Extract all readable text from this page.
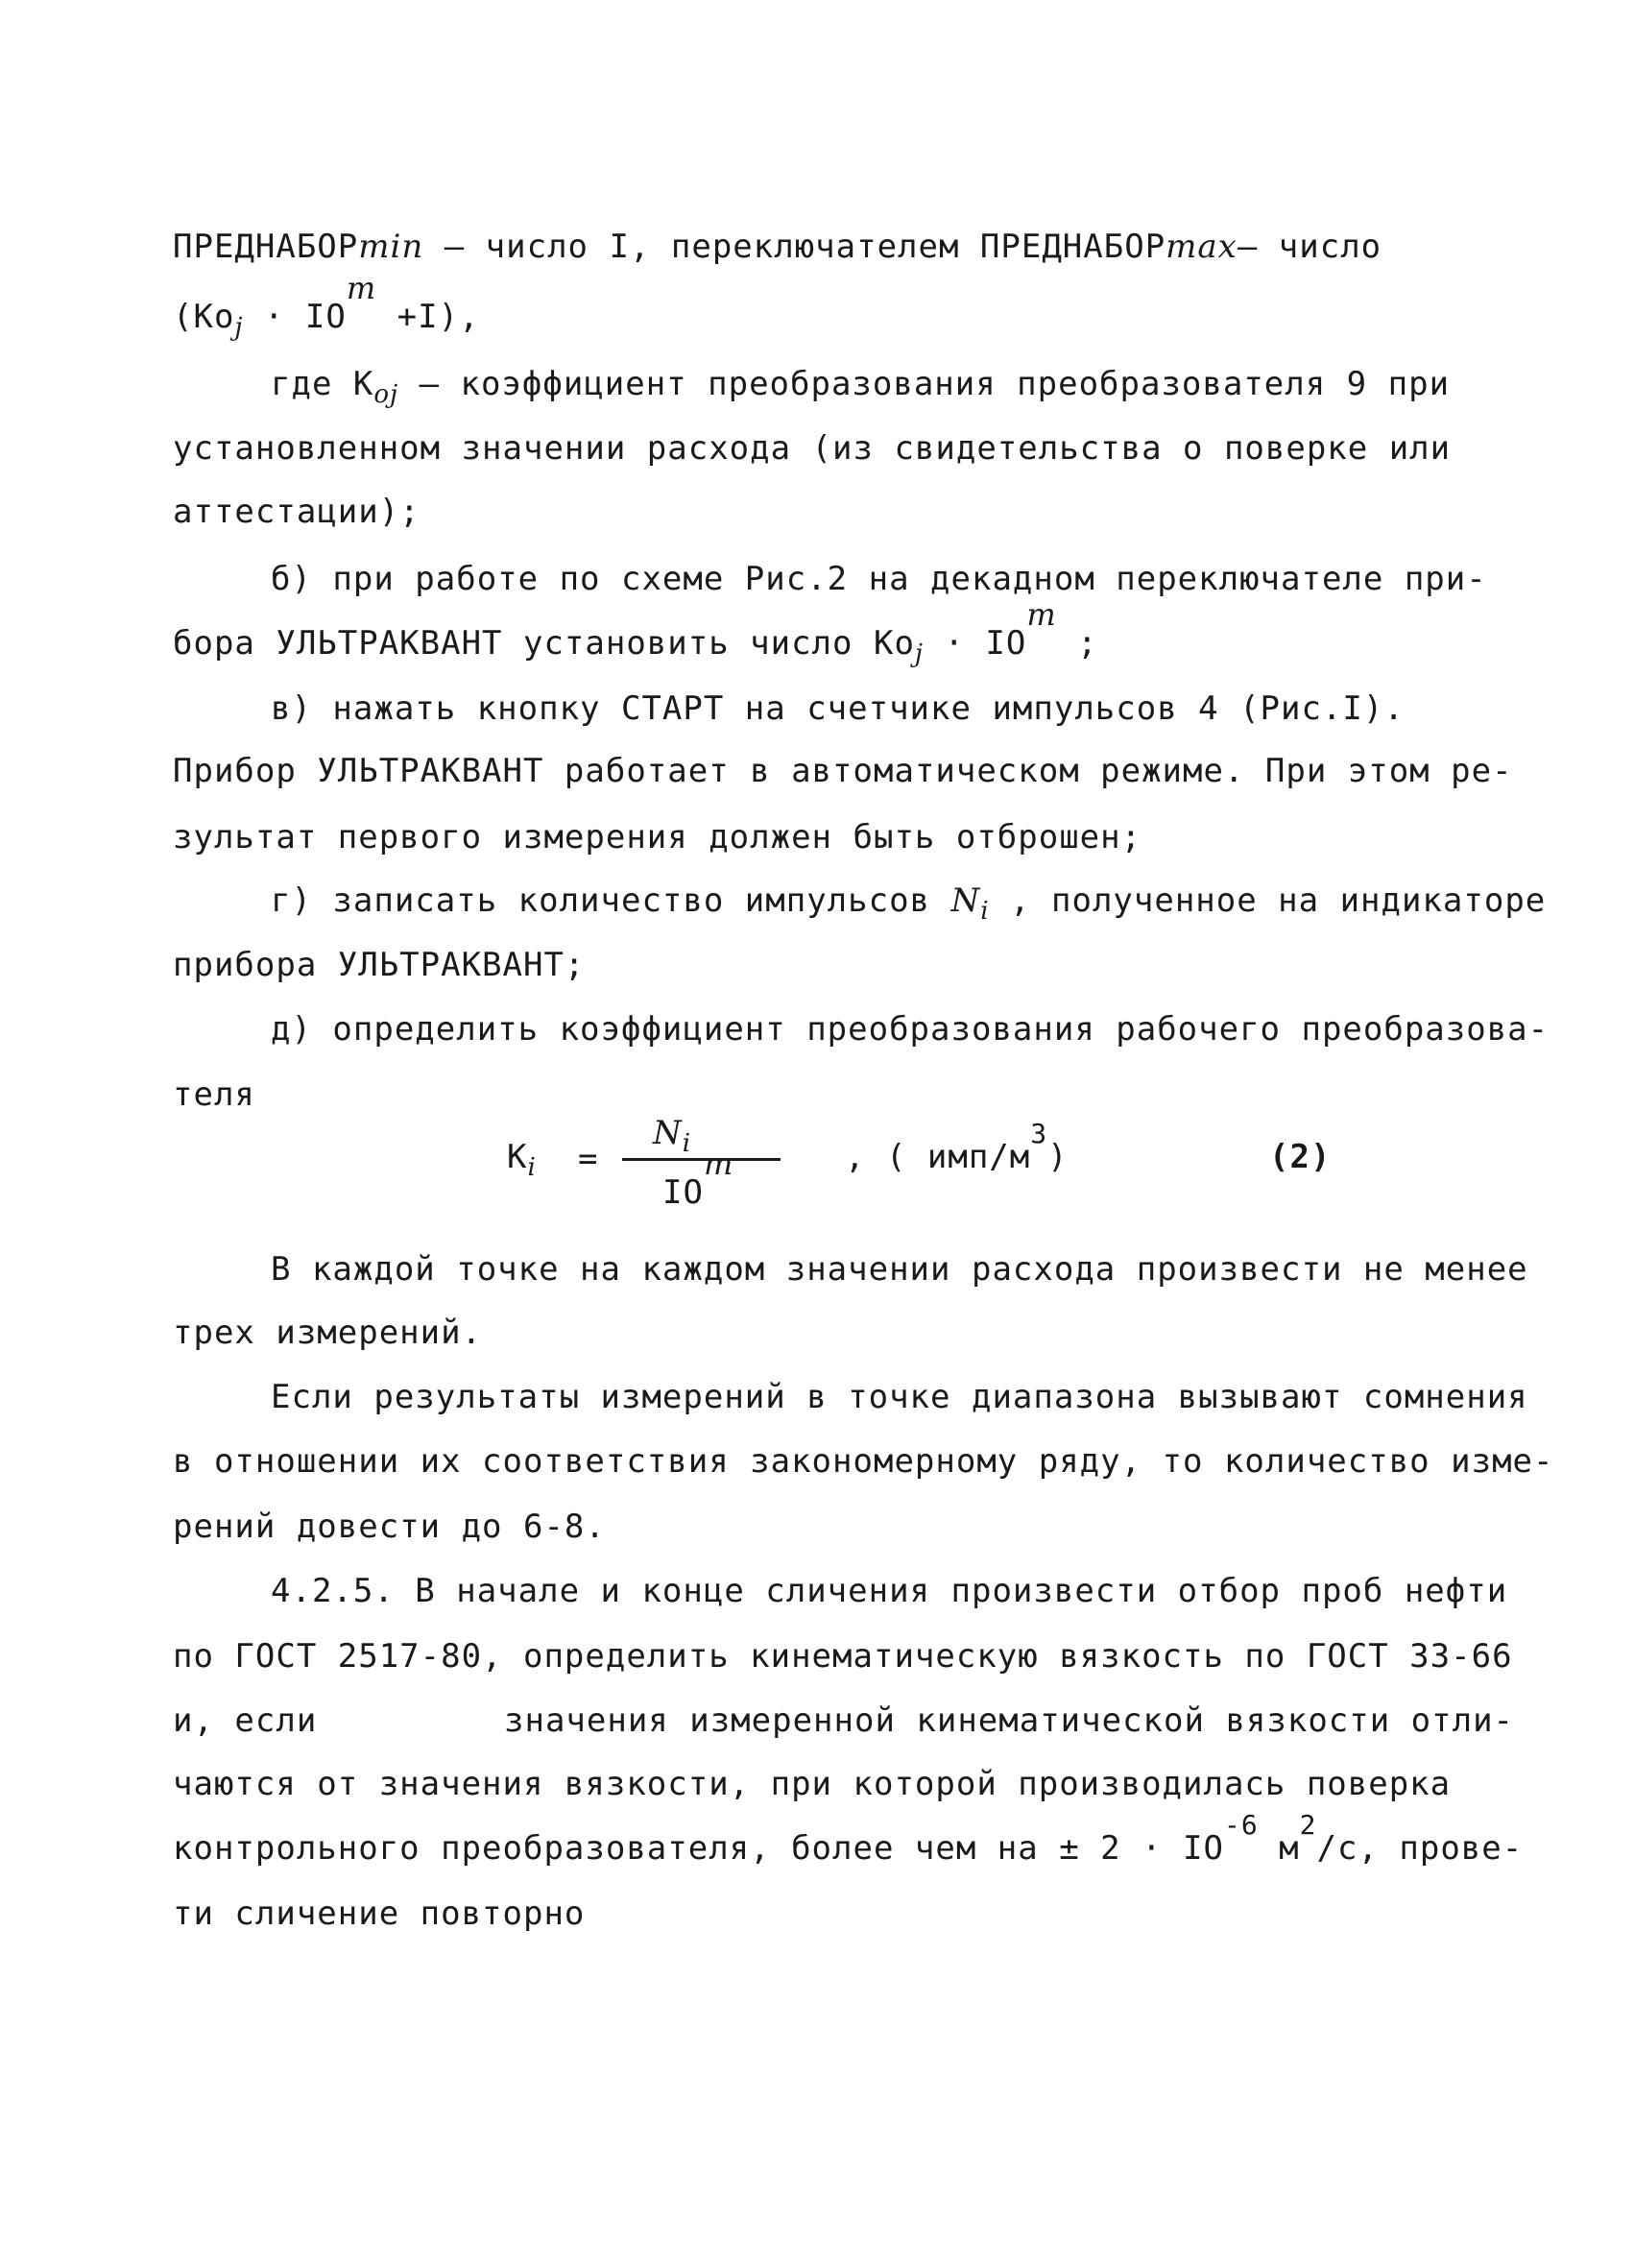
ПРЕДНАБОРmin – число I, переключателем ПРЕДНАБОРmax– число
($Ko_j$ · IOm +I),
где $K_{oj}$ – коэффициент преобразования преобразователя 9 при
установленном значении расхода (из свидетельства о поверке или
аттестации);
б) при работе по схеме Рис.2 на декадном переключателе при-
бора УЛЬТРАКВАНТ установить число $Ko_j$ · IOm ;
в) нажать кнопку СТАРТ на счетчике импульсов 4 (Рис.I).
Прибор УЛЬТРАКВАНТ работает в автоматическом режиме. При этом ре-
зультат первого измерения должен быть отброшен;
г) записать количество импульсов $N_i$ , полученное на индикаторе
прибора УЛЬТРАКВАНТ;
д) определить коэффициент преобразования рабочего преобразова-
теля
$K_i$ =
$N_i$
IOm	, ( имп/$м^3$)	(2)
В каждой точке на каждом значении расхода произвести не менее
трех измерений.
Если результаты измерений в точке диапазона вызывают сомнения
в отношении их соответствия закономерному ряду, то количество изме-
рений довести до 6-8.
4.2.5. В начале и конце сличения произвести отбор проб нефти
по ГОСТ 2517-80, определить кинематическую вязкость по ГОСТ 33-66
и, если	значения измеренной кинематической вязкости отли-
чаются от значения вязкости, при которой производилась поверка
контрольного преобразователя, более чем на ± $2 \cdot IO^{-6}$ $м^2/с$, прове-
ти сличение повторно
